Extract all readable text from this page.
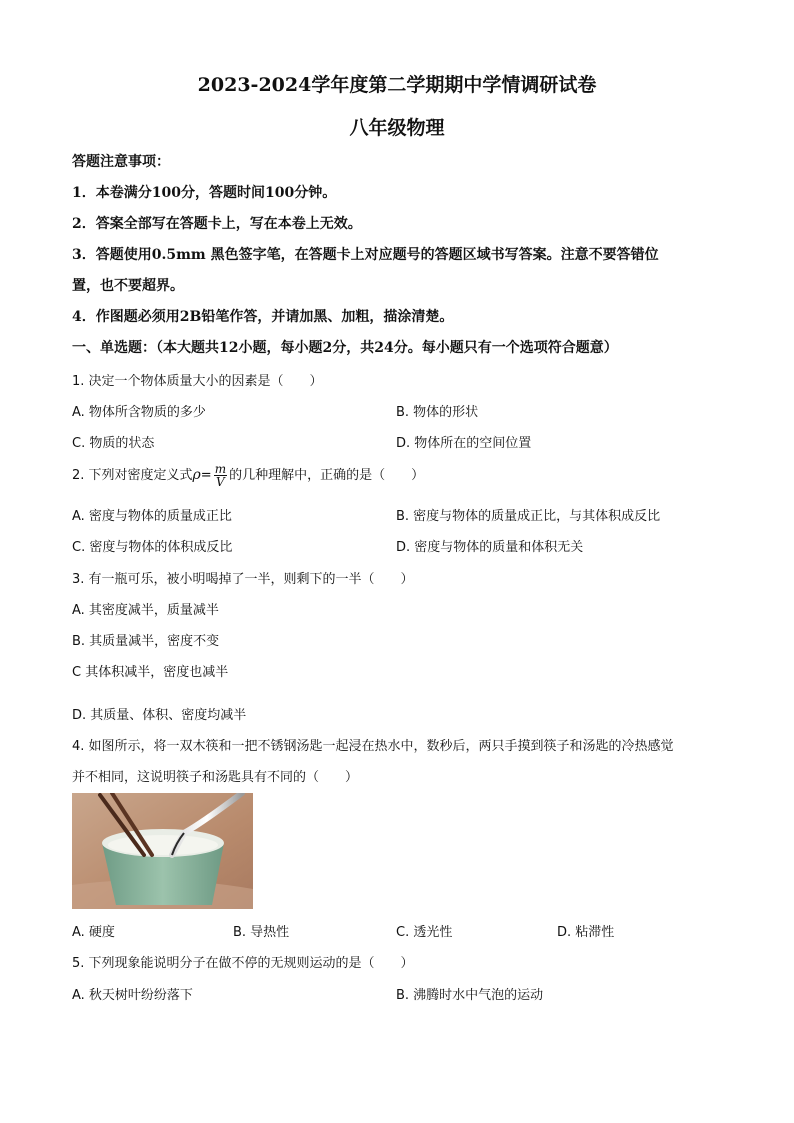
2023-2024学年度第二学期期中学情调研试卷
八年级物理
答题注意事项：
1．本卷满分100分，答题时间100分钟。
2．答案全部写在答题卡上，写在本卷上无效。
3．答题使用0.5mm 黑色签字笔，在答题卡上对应题号的答题区域书写答案。注意不要答错位
置，也不要超界。
4．作图题必须用2B铅笔作答，并请加黑、加粗，描涂清楚。
一、单选题：（本大题共12小题，每小题2分，共24分。每小题只有一个选项符合题意）
1. 决定一个物体质量大小的因素是（　　）
A. 物体所含物质的多少	B. 物体的形状
C. 物质的状态	D. 物体所在的空间位置
2. 下列对密度定义式$\rho= \frac{m}{V}$ 的几种理解中，正确的是（　　）
A. 密度与物体的质量成正比	B. 密度与物体的质量成正比，与其体积成反比
C. 密度与物体的体积成反比	D. 密度与物体的质量和体积无关
3. 有一瓶可乐，被小明喝掉了一半，则剩下的一半（　　）
A. 其密度减半，质量减半
B. 其质量减半，密度不变
C 其体积减半，密度也减半
D. 其质量、体积、密度均减半
4. 如图所示，将一双木筷和一把不锈钢汤匙一起浸在热水中，数秒后，两只手摸到筷子和汤匙的冷热感觉
并不相同，这说明筷子和汤匙具有不同的（　　）
A. 硬度	B. 导热性	C. 透光性	D. 粘滞性
5. 下列现象能说明分子在做不停的无规则运动的是（　　）
A. 秋天树叶纷纷落下	B. 沸腾时水中气泡的运动
